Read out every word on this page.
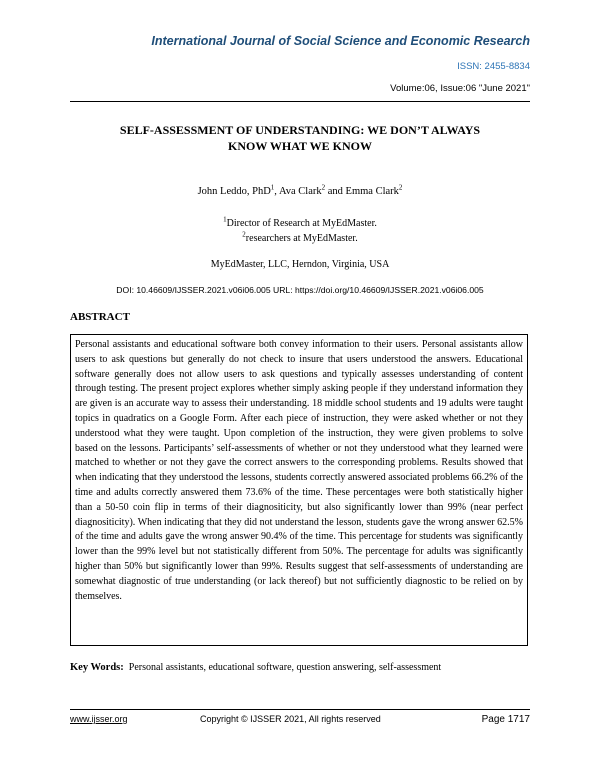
International Journal of Social Science and Economic Research
ISSN: 2455-8834
Volume:06, Issue:06 "June 2021"
SELF-ASSESSMENT OF UNDERSTANDING: WE DON’T ALWAYS
KNOW WHAT WE KNOW
John Leddo, PhD$^1$, Ava Clark$^2$ and Emma Clark$^2$
$^1$Director of Research at MyEdMaster.
$^2$researchers at MyEdMaster.
MyEdMaster, LLC, Herndon, Virginia, USA
DOI: 10.46609/IJSSER.2021.v06i06.005 URL: https://doi.org/10.46609/IJSSER.2021.v06i06.005
ABSTRACT
Personal assistants and educational software both convey information to their users. Personal assistants allow users to ask questions but generally do not check to insure that users understood the answers. Educational software generally does not allow users to ask questions and typically assesses understanding of content through testing. The present project explores whether simply asking people if they understand information they are given is an accurate way to assess their understanding. 18 middle school students and 19 adults were taught topics in quadratics on a Google Form. After each piece of instruction, they were asked whether or not they understood what they were taught. Upon completion of the instruction, they were given problems to solve based on the lessons. Participants’ self-assessments of whether or not they understood what they learned were matched to whether or not they gave the correct answers to the corresponding problems. Results showed that when indicating that they understood the lessons, students correctly answered associated problems 66.2% of the time and adults correctly answered them 73.6% of the time. These percentages were both statistically higher than a 50-50 coin flip in terms of their diagnositicity, but also significantly lower than 99% (near perfect diagnositicity). When indicating that they did not understand the lesson, students gave the wrong answer 62.5% of the time and adults gave the wrong answer 90.4% of the time. This percentage for students was significantly lower than the 99% level but not statistically different from 50%. The percentage for adults was significantly higher than 50% but significantly lower than 99%. Results suggest that self-assessments of understanding are somewhat diagnostic of true understanding (or lack thereof) but not sufficiently diagnostic to be relied on by themselves.
Key Words: Personal assistants, educational software, question answering, self-assessment
www.ijsser.org	Copyright © IJSSER 2021, All rights reserved	Page 1717
